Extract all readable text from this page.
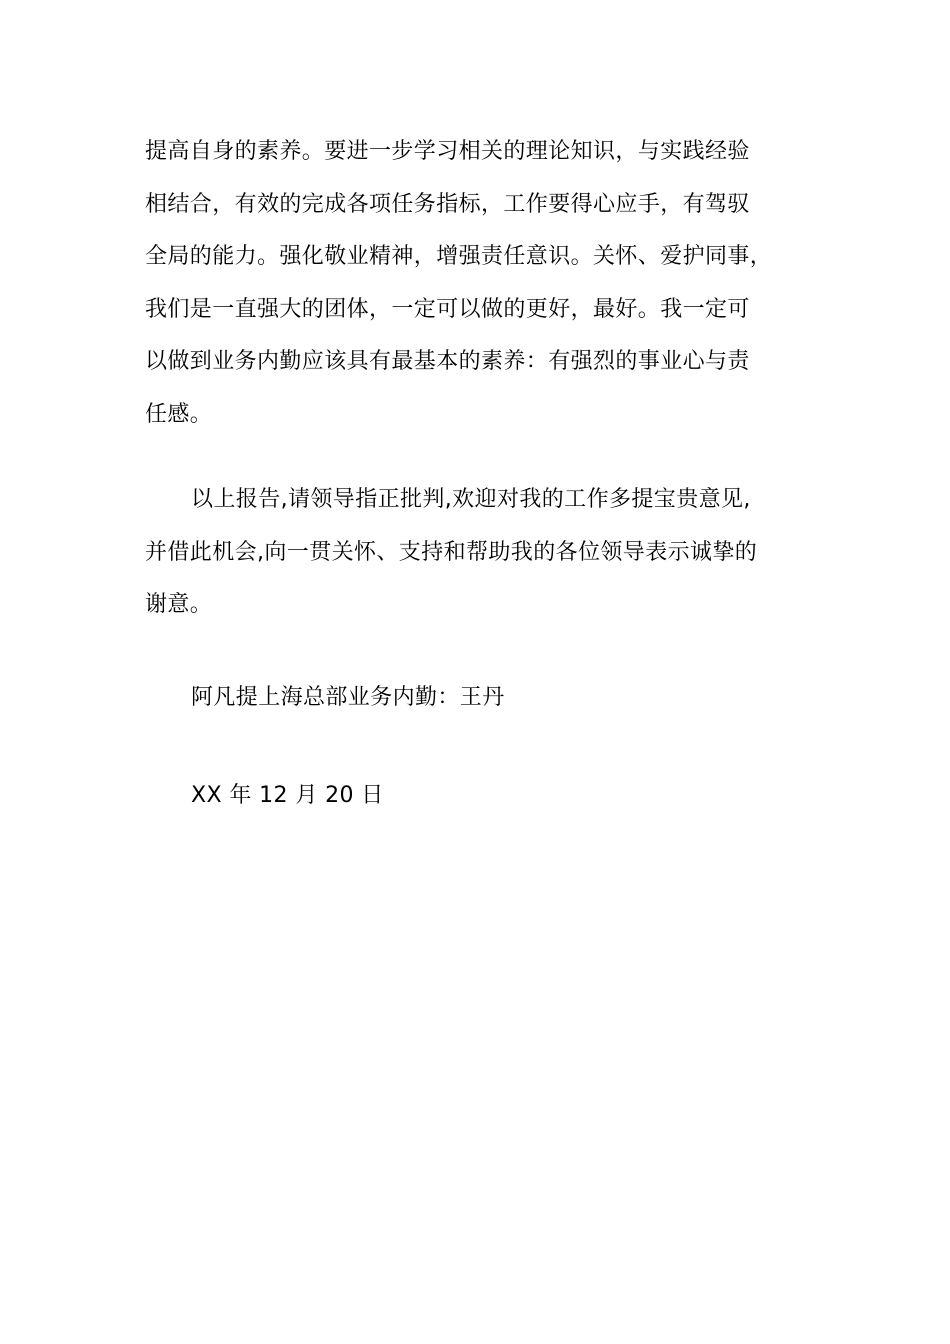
提高自身的素养。要进一步学习相关的理论知识，与实践经验
相结合，有效的完成各项任务指标，工作要得心应手，有驾驭
全局的能力。强化敬业精神，增强责任意识。关怀、爱护同事，
我们是一直强大的团体，一定可以做的更好，最好。我一定可
以做到业务内勤应该具有最基本的素养：有强烈的事业心与责
任感。
以上报告,请领导指正批判,欢迎对我的工作多提宝贵意见,
并借此机会,向一贯关怀、支持和帮助我的各位领导表示诚挚的
谢意。
阿凡提上海总部业务内勤：王丹
XX 年 12 月 20 日
